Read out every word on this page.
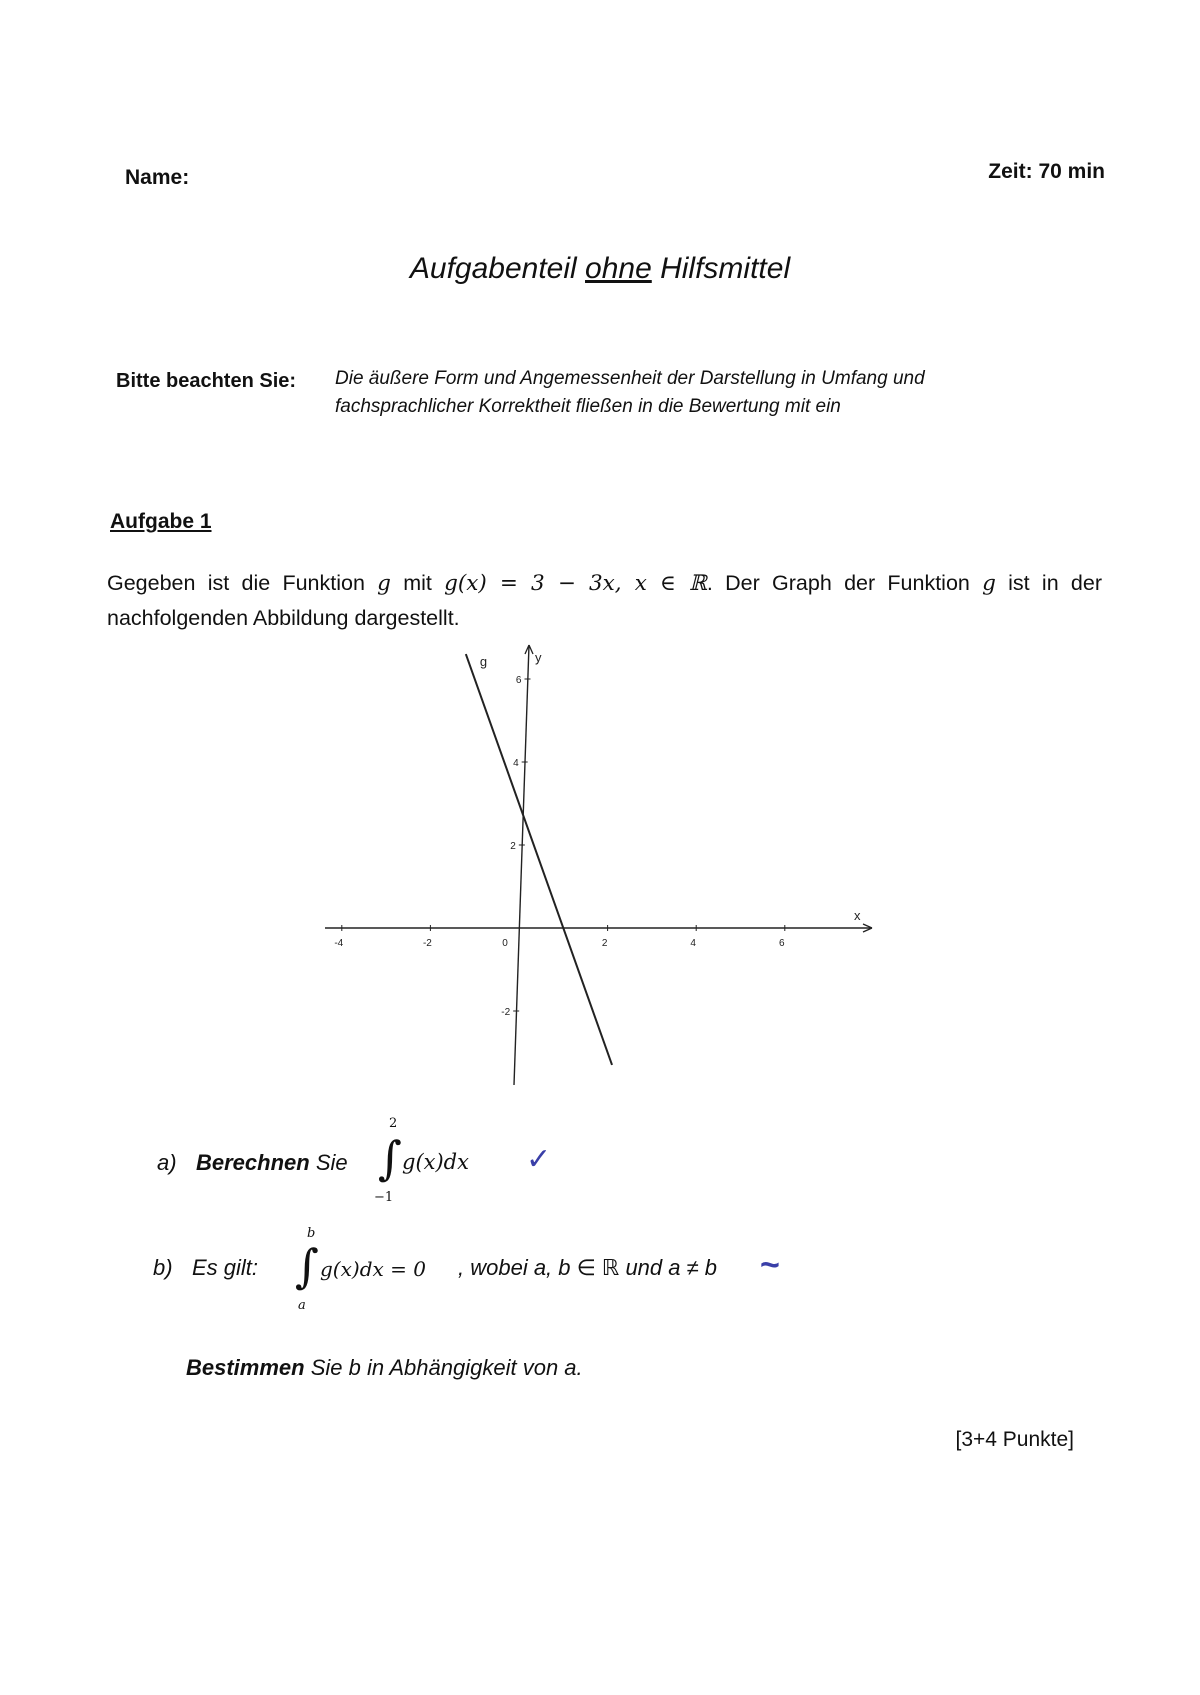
Name:	Zeit: 70 min
Aufgabenteil ohne Hilfsmittel
Bitte beachten Sie: Die äußere Form und Angemessenheit der Darstellung in Umfang und
fachsprachlicher Korrektheit fließen in die Bewertung mit ein
Aufgabe 1
Gegeben ist die Funktion g mit g(x) = 3 − 3x, x ∈ ℝ. Der Graph der Funktion g ist in der nachfolgenden Abbildung dargestellt.
x
y
-4	-2	0	2	4	6
-2
2
4
6
g
a) Berechnen Sie
2
∫
−1
g(x)dx ✓
b) Es gilt:
b
∫
a
g(x)dx = 0 , wobei a, b ∈ ℝ und a ≠ b ~
Bestimmen Sie b in Abhängigkeit von a.
[3+4 Punkte]
